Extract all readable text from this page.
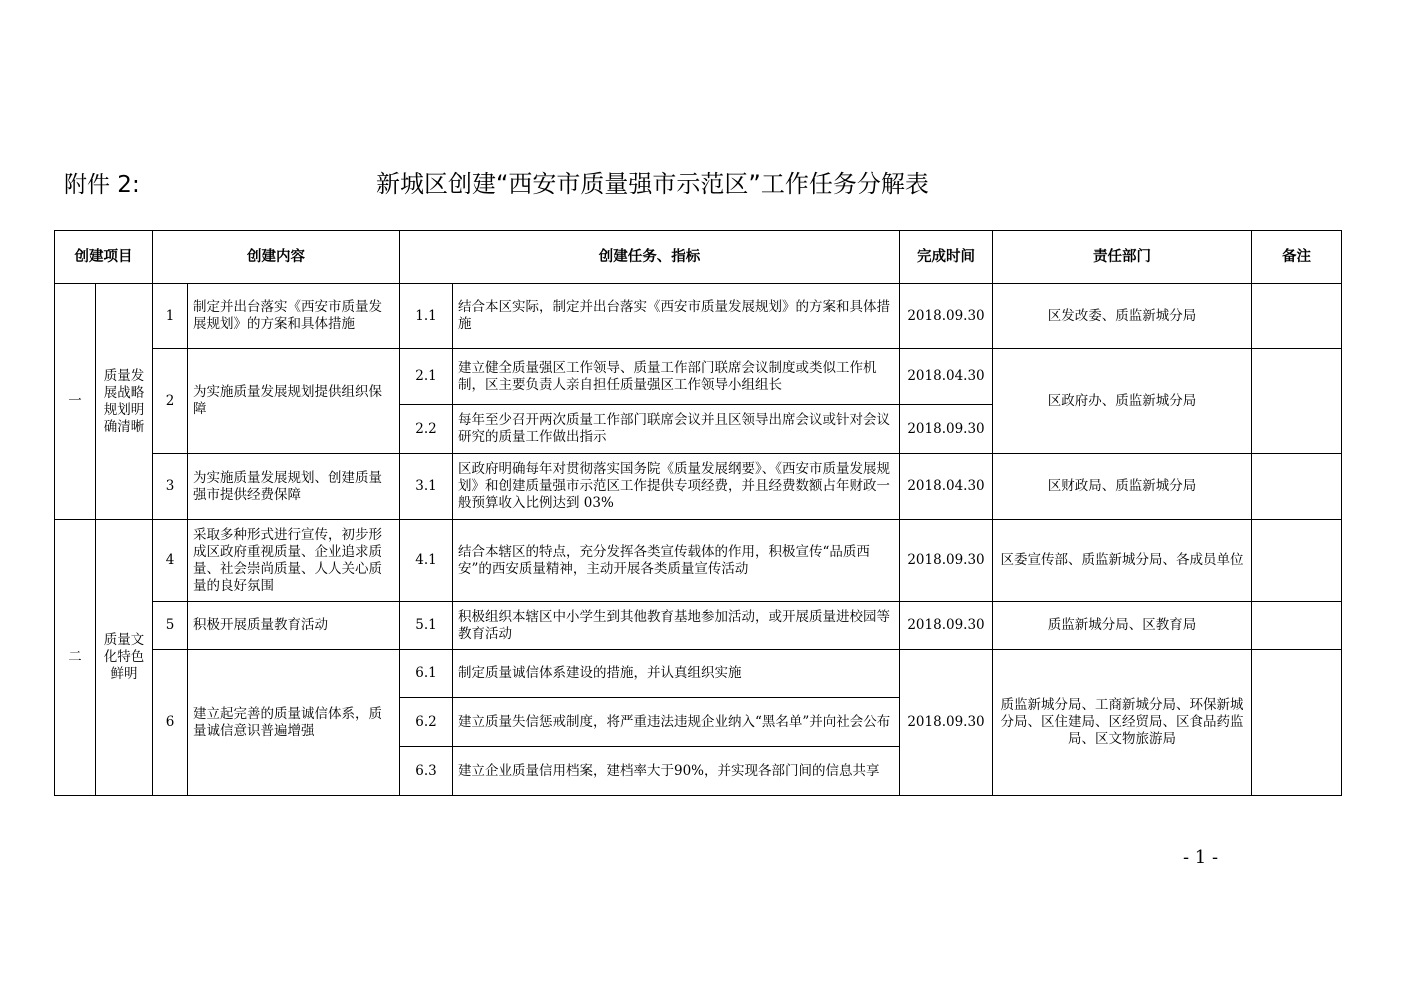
附件 2:	新城区创建“西安市质量强市示范区”工作任务分解表
创建项目		创建内容		创建任务、指标		完成时间	责任部门	备注
一	质量发展战略规划明确清晰	1	制定并出台落实《西安市质量发展规划》的方案和具体措施	1.1	结合本区实际，制定并出台落实《西安市质量发展规划》的方案和具体措施	2018.09.30	区发改委、质监新城分局	
		2	为实施质量发展规划提供组织保障	2.1	建立健全质量强区工作领导、质量工作部门联席会议制度或类似工作机制，区主要负责人亲自担任质量强区工作领导小组组长	2018.04.30	区政府办、质监新城分局	
				2.2	每年至少召开两次质量工作部门联席会议并且区领导出席会议或针对会议研究的质量工作做出指示	2018.09.30		
		3	为实施质量发展规划、创建质量强市提供经费保障	3.1	区政府明确每年对贯彻落实国务院《质量发展纲要》、《西安市质量发展规划》和创建质量强市示范区工作提供专项经费，并且经费数额占年财政一般预算收入比例达到 03%	2018.04.30	区财政局、质监新城分局	
二	质量文化特色鲜明	4	采取多种形式进行宣传，初步形成区政府重视质量、企业追求质量、社会崇尚质量、人人关心质量的良好氛围	4.1	结合本辖区的特点，充分发挥各类宣传载体的作用，积极宣传“品质西安”的西安质量精神，主动开展各类质量宣传活动	2018.09.30	区委宣传部、质监新城分局、各成员单位	
		5	积极开展质量教育活动	5.1	积极组织本辖区中小学生到其他教育基地参加活动，或开展质量进校园等教育活动	2018.09.30	质监新城分局、区教育局	
		6	建立起完善的质量诚信体系，质量诚信意识普遍增强	6.1	制定质量诚信体系建设的措施，并认真组织实施	2018.09.30	质监新城分局、工商新城分局、环保新城分局、区住建局、区经贸局、区食品药监局、区文物旅游局	
				6.2	建立质量失信惩戒制度，将严重违法违规企业纳入“黑名单”并向社会公布			
				6.3	建立企业质量信用档案，建档率大于90%，并实现各部门间的信息共享			
- 1 -
